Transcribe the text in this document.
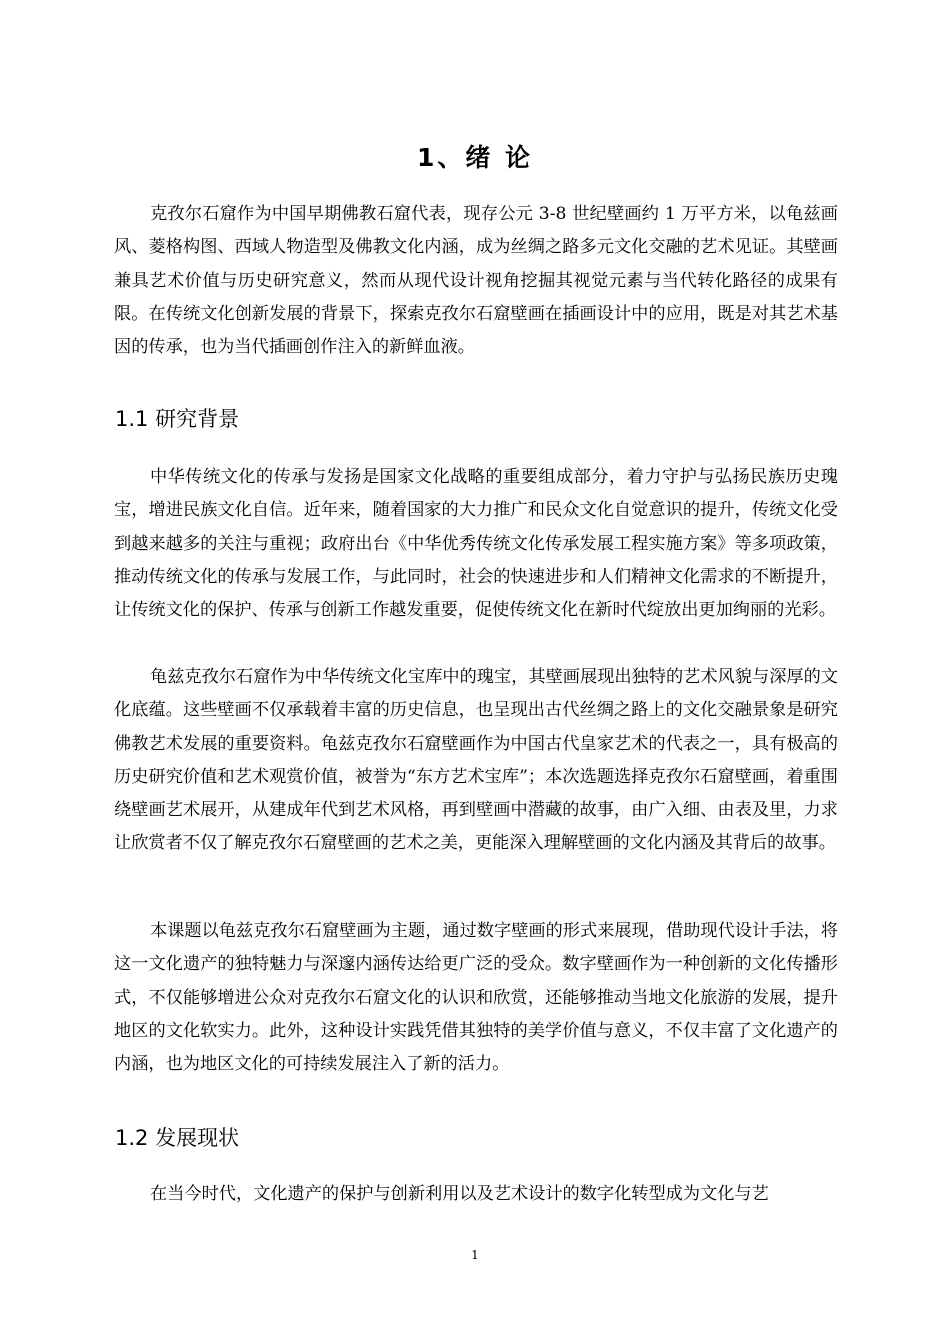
1、绪 论

克孜尔石窟作为中国早期佛教石窟代表，现存公元 3-8 世纪壁画约 1 万平方米，以龟兹画风、菱格构图、西域人物造型及佛教文化内涵，成为丝绸之路多元文化交融的艺术见证。其壁画兼具艺术价值与历史研究意义，然而从现代设计视角挖掘其视觉元素与当代转化路径的成果有限。在传统文化创新发展的背景下，探索克孜尔石窟壁画在插画设计中的应用，既是对其艺术基因的传承，也为当代插画创作注入的新鲜血液。

1.1 研究背景

中华传统文化的传承与发扬是国家文化战略的重要组成部分，着力守护与弘扬民族历史瑰宝，增进民族文化自信。近年来，随着国家的大力推广和民众文化自觉意识的提升，传统文化受到越来越多的关注与重视；政府出台《中华优秀传统文化传承发展工程实施方案》等多项政策，推动传统文化的传承与发展工作，与此同时，社会的快速进步和人们精神文化需求的不断提升，让传统文化的保护、传承与创新工作越发重要，促使传统文化在新时代绽放出更加绚丽的光彩。

龟兹克孜尔石窟作为中华传统文化宝库中的瑰宝，其壁画展现出独特的艺术风貌与深厚的文化底蕴。这些壁画不仅承载着丰富的历史信息，也呈现出古代丝绸之路上的文化交融景象是研究佛教艺术发展的重要资料。龟兹克孜尔石窟壁画作为中国古代皇家艺术的代表之一，具有极高的历史研究价值和艺术观赏价值，被誉为“东方艺术宝库”；本次选题选择克孜尔石窟壁画，着重围绕壁画艺术展开，从建成年代到艺术风格，再到壁画中潜藏的故事，由广入细、由表及里，力求让欣赏者不仅了解克孜尔石窟壁画的艺术之美，更能深入理解壁画的文化内涵及其背后的故事。

本课题以龟兹克孜尔石窟壁画为主题，通过数字壁画的形式来展现，借助现代设计手法，将这一文化遗产的独特魅力与深邃内涵传达给更广泛的受众。数字壁画作为一种创新的文化传播形式，不仅能够增进公众对克孜尔石窟文化的认识和欣赏，还能够推动当地文化旅游的发展，提升地区的文化软实力。此外，这种设计实践凭借其独特的美学价值与意义，不仅丰富了文化遗产的内涵，也为地区文化的可持续发展注入了新的活力。

1.2 发展现状

在当今时代，文化遗产的保护与创新利用以及艺术设计的数字化转型成为文化与艺

1
